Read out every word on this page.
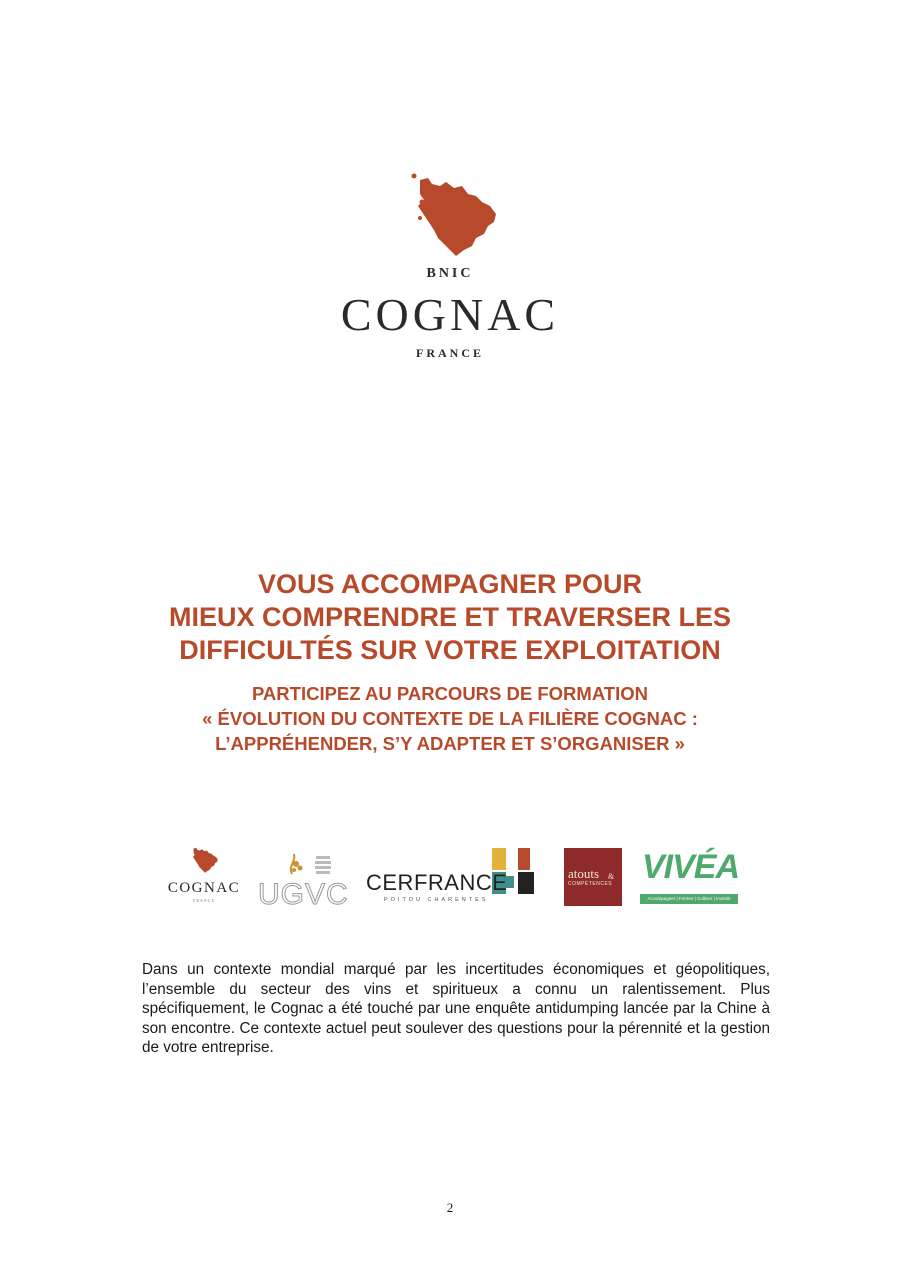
BNIC
COGNAC
FRANCE
VOUS ACCOMPAGNER POUR
MIEUX COMPRENDRE ET TRAVERSER LES
DIFFICULTÉS SUR VOTRE EXPLOITATION
PARTICIPEZ AU PARCOURS DE FORMATION
« ÉVOLUTION DU CONTEXTE DE LA FILIÈRE COGNAC :
L’APPRÉHENDER, S’Y ADAPTER ET S’ORGANISER »
COGNAC
FRANCE	UGVC CERFRANCE
POITOU CHARENTES
atouts &
COMPÉTENCES VIVÉA
Accompagner | Former | Cultiver | Investir
Dans un contexte mondial marqué par les incertitudes économiques et géopolitiques, l’ensemble du secteur des vins et spiritueux a connu un ralentissement. Plus spécifiquement, le Cognac a été touché par une enquête antidumping lancée par la Chine à son encontre. Ce contexte actuel peut soulever des questions pour la pérennité et la gestion de votre entreprise.
2
